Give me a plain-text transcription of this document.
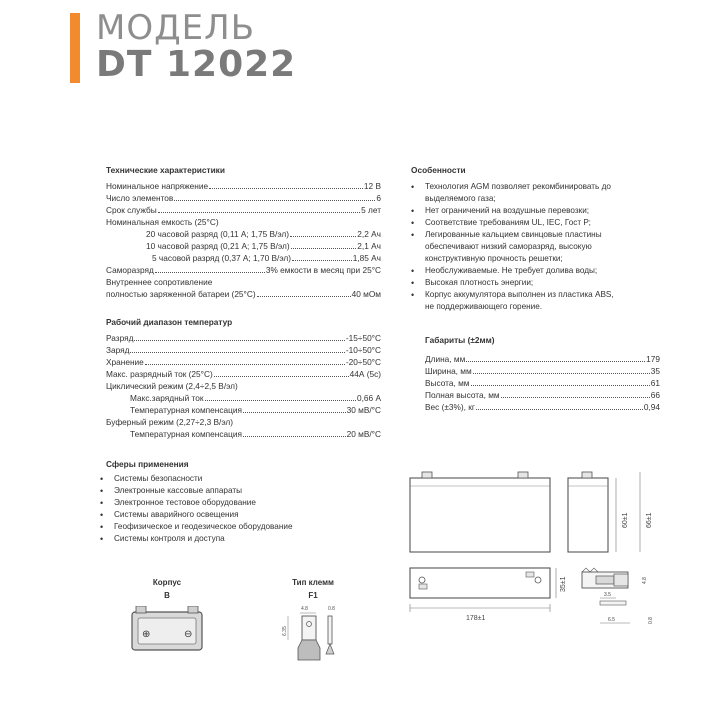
МОДЕЛЬ
DT 12022
Технические характеристики
Номинальное напряжение	12 В
Число элементов	6
Срок службы	5 лет
Номинальная емкость (25°С)
20 часовой разряд (0,11 А; 1,75 В/эл)	2,2 Ач
10 часовой разряд (0,21 А; 1,75 В/эл)	2,1 Ач
5 часовой разряд (0,37 А; 1,70 В/эл)	1,85 Ач
Саморазряд	3% емкости в месяц при 25°С
Внутреннее сопротивление
полностью заряженной батареи (25°С)	40 мОм
Рабочий диапазон температур
Разряд	-15÷50°С
Заряд	-10÷50°С
Хранение	-20÷50°С
Макс. разрядный ток (25°С)	44А (5с)
Циклический режим (2,4÷2,5 В/эл)
Макс.зарядный ток	0,66 А
Температурная компенсация	30 мВ/°С
Буферный режим (2,27÷2,3 В/эл)
Температурная компенсация	20 мВ/°С
Сферы применения
•	Системы безопасности
•	Электронные кассовые аппараты
•	Электронное тестовое оборудование
•	Системы аварийного освещения
•	Геофизическое и геодезическое оборудование
•	Системы контроля и доступа
Корпус
В
Тип клемм
F1
⊕	⊖
4.8	0.8
6.35
Особенности
•	Технология AGM позволяет рекомбинировать до
выделяемого газа;
•	Нет ограничений на воздушные перевозки;
•	Соответствие требованиям UL, IEC, Гост Р;
•	Легированные кальцием свинцовые пластины
обеспечивают низкий саморазряд, высокую
конструктивную прочность решетки;
•	Необслуживаемые. Не требует долива воды;
•	Высокая плотность энергии;
•	Корпус аккумулятора выполнен из пластика ABS,
не поддерживающего горение.
Габариты (±2мм)
Длина, мм	179
Ширина, мм	35
Высота, мм	61
Полная высота, мм	66
Вес (±3%), кг	0,94
60±1 66±1
35±1
178±1
4.8
3.5
6.5	0.8
